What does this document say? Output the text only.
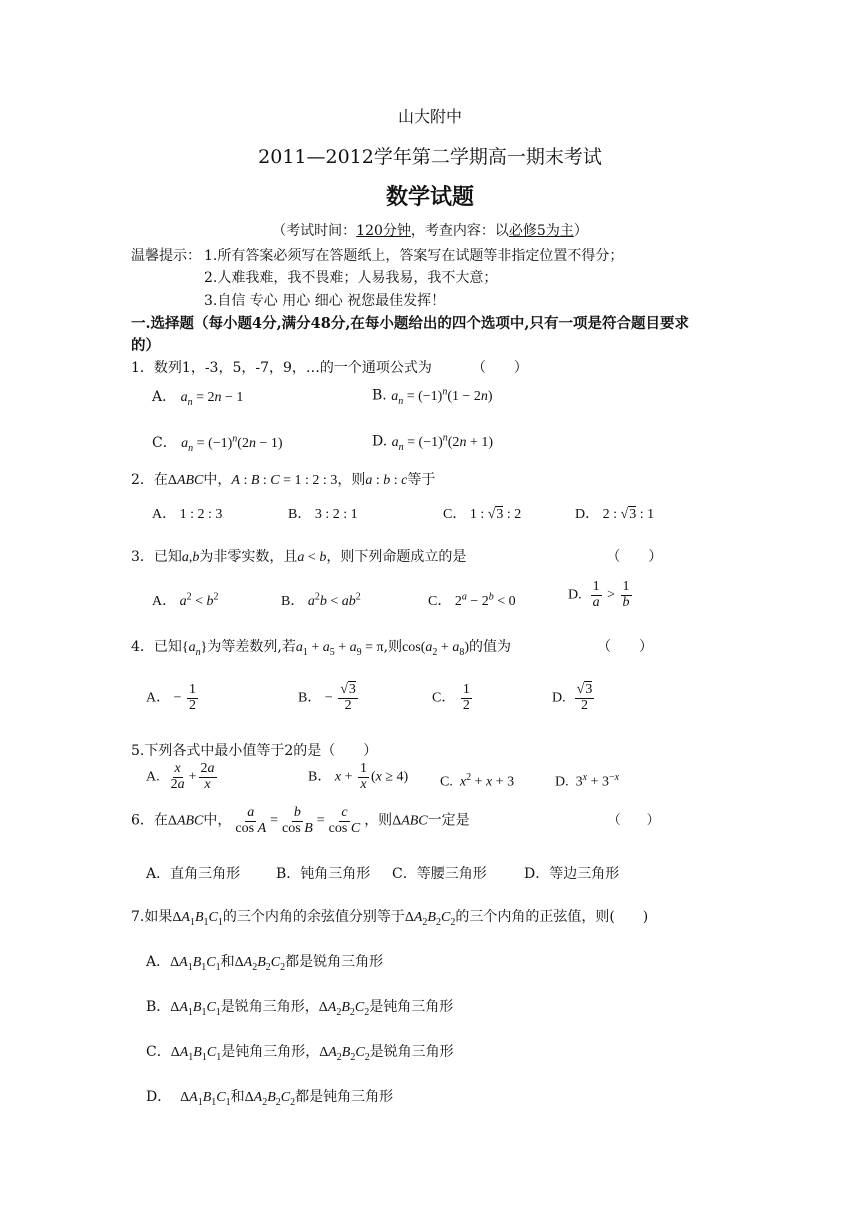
山大附中
2011—2012学年第二学期高一期末考试
数学试题
（考试时间：120分钟，考查内容：以必修5为主）
温馨提示： 1.所有答案必须写在答题纸上，答案写在试题等非指定位置不得分；
2.人难我难，我不畏难；人易我易，我不大意；
3.自信 专心 用心 细心 祝您最佳发挥！
一.选择题（每小题4分,满分48分,在每小题给出的四个选项中,只有一项是符合题目要求
的）
1．数列1，-3，5，-7，9，…的一个通项公式为	（　　）
A． $a_n = 2n - 1$	B. $a_n = (-1)^n(1 - 2n)$
C． $a_n = (-1)^n(2n - 1)$	D. $a_n = (-1)^n(2n + 1)$
2．在ΔABC中，A : B : C = 1 : 2 : 3，则a : b : c等于
A． 1 : 2 : 3	B． 3 : 2 : 1	C． 1 : √3 : 2	D． 2 : √3 : 1
3．已知a,b为非零实数，且a < b，则下列命题成立的是	（　　）
A． $a^2 < b^2$	B． $a^2b < ab^2$	C． $2^a - 2^b < 0$	D. $\frac{1}{a} > \frac{1}{b}$
4．已知$\{a_n\}$为等差数列,若$a_1 + a_5 + a_9 = \pi$,则$\cos(a_2 + a_8)$的值为	（　　）
A． − $\frac{1}{2}$	B． − $\frac{√3}{2}$	C． $\frac{1}{2}$	D. $\frac{√3}{2}$
5.下列各式中最小值等于2的是（　　）
A. $\frac{x}{2a} + \frac{2a}{x}$	B． $x + \frac{1}{x} (x \ge 4)$ C.  $x^2 + x + 3$	D.  $3^x + 3^{-x}$
6．在ΔABC中， $\frac{a}{\text{cos A}} = \frac{b}{\text{cos B}} = \frac{c}{\text{cos C}}$ ，则ΔABC一定是	（　　）
A．直角三角形	B．钝角三角形 C．等腰三角形	D．等边三角形
7.如果$\Delta A_1B_1C_1$的三个内角的余弦值分别等于$\Delta A_2B_2C_2$的三个内角的正弦值，则(　　)
A．$\Delta A_1B_1C_1$和$\Delta A_2B_2C_2$都是锐角三角形
B．$\Delta A_1B_1C_1$是锐角三角形，$\Delta A_2B_2C_2$是钝角三角形
C．$\Delta A_1B_1C_1$是钝角三角形，$\Delta A_2B_2C_2$是锐角三角形
D． $\Delta A_1B_1C_1$和$\Delta A_2B_2C_2$都是钝角三角形
